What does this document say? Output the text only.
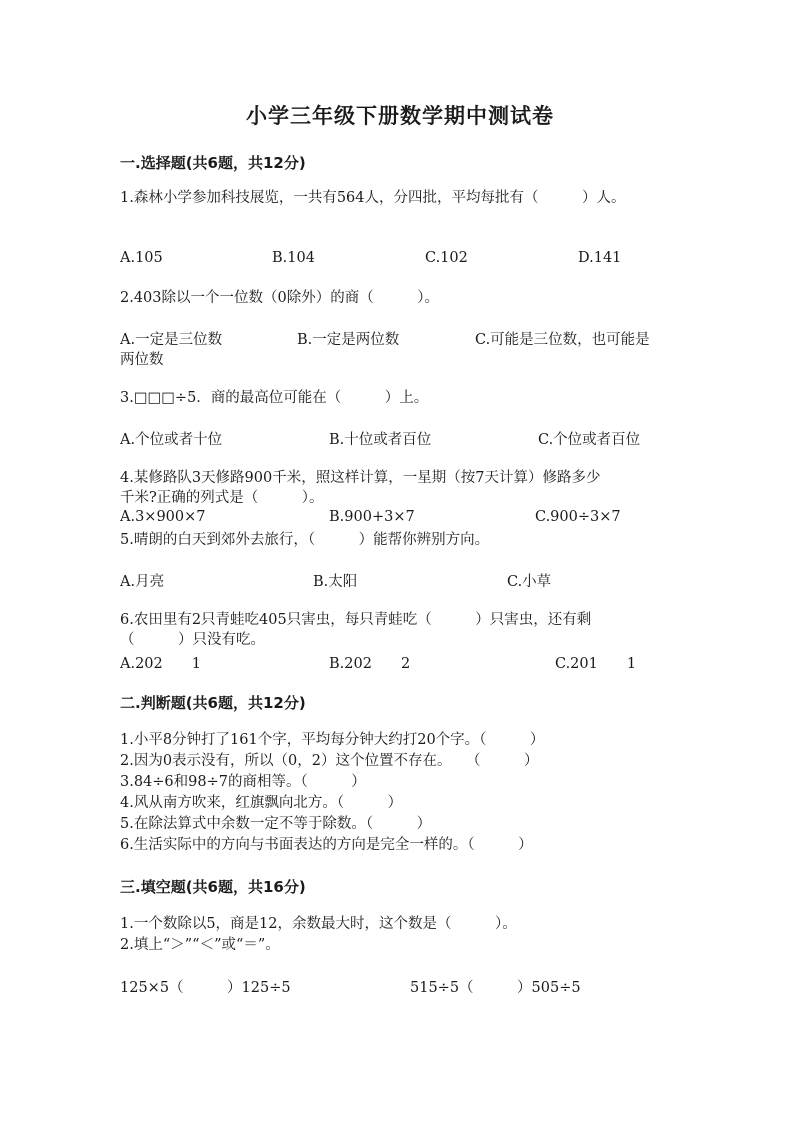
小学三年级下册数学期中测试卷
一.选择题(共6题，共12分)
1.森林小学参加科技展览，一共有564人，分四批，平均每批有（　　　）人。
A.105	B.104	C.102	D.141
2.403除以一个一位数（0除外）的商（　　　）。
A.一定是三位数	B.一定是两位数	C.可能是三位数，也可能是
两位数
3.□□□÷5．商的最高位可能在（　　　）上。
A.个位或者十位	B.十位或者百位	C.个位或者百位
4.某修路队3天修路900千米，照这样计算，一星期（按7天计算）修路多少
千米?正确的列式是（　　　）。
A.3×900×7	B.900+3×7	C.900÷3×7
5.晴朗的白天到郊外去旅行，（　　　）能帮你辨别方向。
A.月亮	B.太阳	C.小草
6.农田里有2只青蛙吃405只害虫，每只青蛙吃（　　　）只害虫，还有剩
（　　　）只没有吃。
A.202　　1	B.202　　2	C.201　　1
二.判断题(共6题，共12分)
1.小平8分钟打了161个字，平均每分钟大约打20个字。（　　　）
2.因为0表示没有，所以（0，2）这个位置不存在。　　（　　　）
3.84÷6和98÷7的商相等。（　　　）
4.风从南方吹来，红旗飘向北方。（　　　）
5.在除法算式中余数一定不等于除数。（　　　）
6.生活实际中的方向与书面表达的方向是完全一样的。（　　　）
三.填空题(共6题，共16分)
1.一个数除以5，商是12，余数最大时，这个数是（　　　）。
2.填上“＞”“＜”或“＝”。
125×5（　　　）125÷5	515÷5（　　　）505÷5
